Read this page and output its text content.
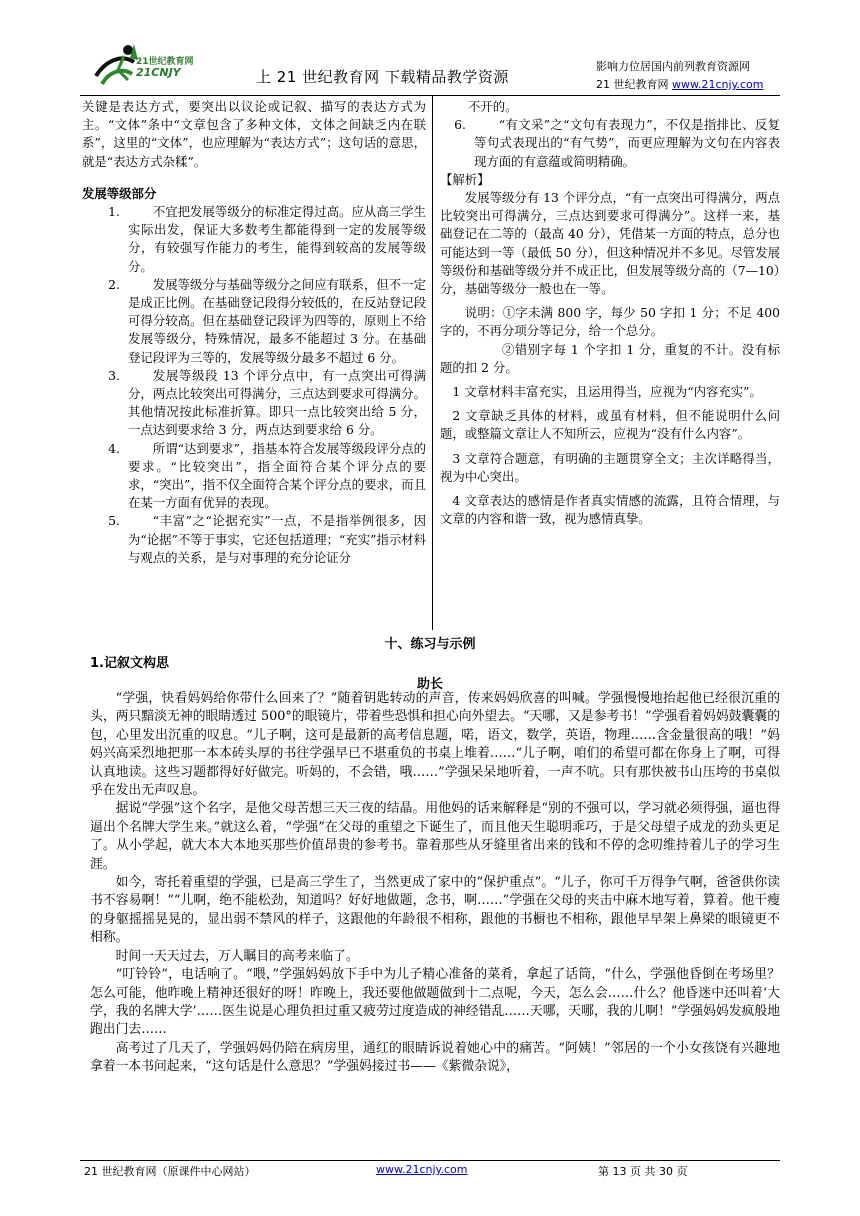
21世纪教育网
21CNJY	上 21 世纪教育网 下载精品教学资源
影响力位居国内前列教育资源网
21 世纪教育网 www.21cnjy.com

关键是表达方式，要突出以议论或记叙、描写的表达方式为主。“文体”条中“文章包含了多种文体，文体之间缺乏内在联系”，这里的“文体”，也应理解为“表达方式”；这句话的意思，就是“表达方式杂糅”。

发展等级部分

1.	不宜把发展等级分的标准定得过高。应从高三学生实际出发，保证大多数考生都能得到一定的发展等级分，有较强写作能力的考生，能得到较高的发展等级分。
2.	发展等级分与基础等级分之间应有联系，但不一定是成正比例。在基础登记段得分较低的，在反站登记段可得分较高。但在基础登记段评为四等的，原则上不给发展等级分，特殊情况，最多不能超过 3 分。在基础登记段评为三等的，发展等级分最多不超过 6 分。
3.	发展等级段 13 个评分点中，有一点突出可得满分，两点比较突出可得满分，三点达到要求可得满分。其他情况按此标准折算。即只一点比较突出给 5 分，一点达到要求给 3 分，两点达到要求给 6 分。
4.	所谓“达到要求”，指基本符合发展等级段评分点的要求。“比较突出”，指全面符合某个评分点的要求，“突出”，指不仅全面符合某个评分点的要求，而且在某一方面有优异的表现。
5.	“丰富”之“论据充实”一点，不是指举例很多，因为“论据”不等于事实，它还包括道理；“充实”指示材料与观点的关系，是与对事理的充分论证分

不开的。

6.	“有文采”之“文句有表现力”，不仅是指排比、反复等句式表现出的“有气势”，而更应理解为文句在内容表现方面的有意蕴或简明精确。

【解析】

发展等级分有 13 个评分点，“有一点突出可得满分，两点比较突出可得满分，三点达到要求可得满分”。这样一来，基础登记在二等的（最高 40 分），凭借某一方面的特点，总分也可能达到一等（最低 50 分），但这种情况并不多见。尽管发展等级份和基础等级分并不成正比，但发展等级分高的（7—10）分，基础等级分一般也在一等。

说明：①字未满 800 字，每少 50 字扣 1 分；不足 400 字的，不再分项分等记分，给一个总分。

②错别字每 1 个字扣 1 分，重复的不计。没有标题的扣 2 分。

1 文章材料丰富充实，且运用得当，应视为“内容充实”。

2 文章缺乏具体的材料，或虽有材料，但不能说明什么问题，或整篇文章让人不知所云，应视为“没有什么内容”。

3 文章符合题意，有明确的主题贯穿全文；主次详略得当，视为中心突出。

4 文章表达的感情是作者真实情感的流露，且符合情理，与文章的内容和谐一致，视为感情真挚。

十、练习与示例
1.记叙文构思
助长

“学强，快看妈妈给你带什么回来了？”随着钥匙转动的声音，传来妈妈欣喜的叫喊。学强慢慢地抬起他已经很沉重的头，两只黯淡无神的眼睛透过 500°的眼镜片，带着些恐惧和担心向外望去。“天哪，又是参考书！”学强看着妈妈鼓囊囊的包，心里发出沉重的叹息。“儿子啊，这可是最新的高考信息题，喏，语文，数学，英语，物理……含金量很高的哦！”妈妈兴高采烈地把那一本本砖头厚的书往学强早已不堪重负的书桌上堆着……“儿子啊，咱们的希望可都在你身上了啊，可得认真地读。这些习题都得好好做完。听妈的，不会错，哦……”学强呆呆地听着，一声不吭。只有那快被书山压垮的书桌似乎在发出无声叹息。

据说“学强”这个名字，是他父母苦想三天三夜的结晶。用他妈的话来解释是“别的不强可以，学习就必须得强，逼也得逼出个名牌大学生来。”就这么着，“学强”在父母的重望之下诞生了，而且他天生聪明乖巧，于是父母望子成龙的劲头更足了。从小学起，就大本大本地买那些价值昂贵的参考书。靠着那些从牙缝里省出来的钱和不停的念叨维持着儿子的学习生涯。

如今，寄托着重望的学强，已是高三学生了，当然更成了家中的“保护重点”。“儿子，你可千万得争气啊，爸爸供你读书不容易啊！”“儿啊，绝不能松劲，知道吗？好好地做题，念书，啊……”学强在父母的夹击中麻木地写着，算着。他干瘦的身躯摇摇晃晃的，显出弱不禁风的样子，这跟他的年龄很不相称，跟他的书橱也不相称，跟他早早架上鼻梁的眼镜更不相称。

时间一天天过去，万人瞩目的高考来临了。

“叮铃铃”，电话响了。“喂，”学强妈妈放下手中为儿子精心准备的菜肴，拿起了话筒，“什么，学强他昏倒在考场里？怎么可能，他昨晚上精神还很好的呀！昨晚上，我还要他做题做到十二点呢，今天，怎么会……什么？他昏迷中还叫着‘大学，我的名牌大学’……医生说是心理负担过重又疲劳过度造成的神经错乱……天哪，天哪，我的儿啊！”学强妈妈发疯般地跑出门去……

高考过了几天了，学强妈妈仍陪在病房里，通红的眼睛诉说着她心中的痛苦。“阿姨！”邻居的一个小女孩饶有兴趣地拿着一本书问起来，“这句话是什么意思？”学强妈接过书——《紫微杂说》，

21 世纪教育网（原课件中心网站）	www.21cnjy.com	第 13 页 共 30 页
